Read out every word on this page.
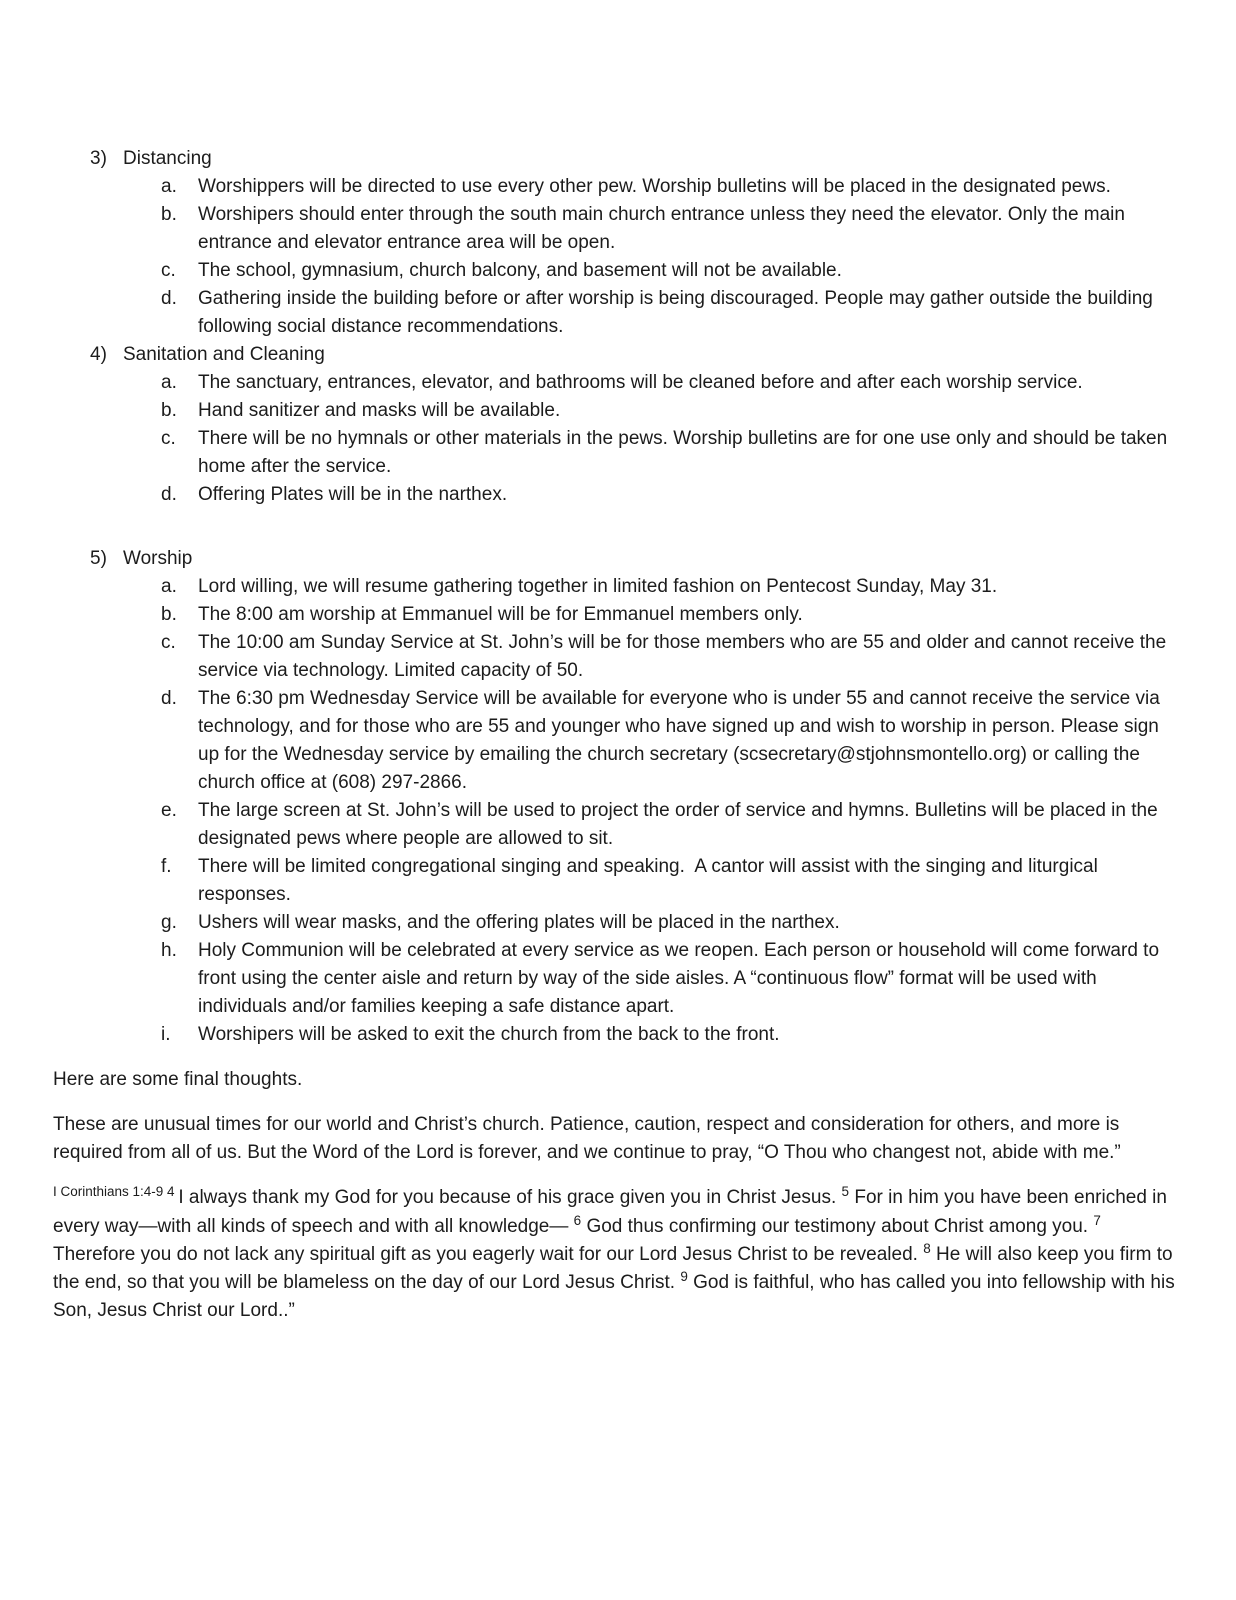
3) Distancing
a.	Worshippers will be directed to use every other pew. Worship bulletins will be placed in the designated pews.
b.	Worshipers should enter through the south main church entrance unless they need the elevator. Only the main entrance and elevator entrance area will be open.
c.	The school, gymnasium, church balcony, and basement will not be available.
d.	Gathering inside the building before or after worship is being discouraged. People may gather outside the building following social distance recommendations.
4) Sanitation and Cleaning
a.	The sanctuary, entrances, elevator, and bathrooms will be cleaned before and after each worship service.
b.	Hand sanitizer and masks will be available.
c.	There will be no hymnals or other materials in the pews. Worship bulletins are for one use only and should be taken home after the service.
d.	Offering Plates will be in the narthex.
5) Worship
a.	Lord willing, we will resume gathering together in limited fashion on Pentecost Sunday, May 31.
b.	The 8:00 am worship at Emmanuel will be for Emmanuel members only.
c.	The 10:00 am Sunday Service at St. John’s will be for those members who are 55 and older and cannot receive the service via technology. Limited capacity of 50.
d.	The 6:30 pm Wednesday Service will be available for everyone who is under 55 and cannot receive the service via technology, and for those who are 55 and younger who have signed up and wish to worship in person. Please sign up for the Wednesday service by emailing the church secretary (scsecretary@stjohnsmontello.org) or calling the church office at (608) 297-2866.
e.	The large screen at St. John’s will be used to project the order of service and hymns. Bulletins will be placed in the designated pews where people are allowed to sit.
f.	There will be limited congregational singing and speaking.  A cantor will assist with the singing and liturgical responses.
g.	Ushers will wear masks, and the offering plates will be placed in the narthex.
h.	Holy Communion will be celebrated at every service as we reopen. Each person or household will come forward to front using the center aisle and return by way of the side aisles. A “continuous flow” format will be used with individuals and/or families keeping a safe distance apart.
i.	Worshipers will be asked to exit the church from the back to the front.

Here are some final thoughts.

These are unusual times for our world and Christ’s church. Patience, caution, respect and consideration for others, and more is required from all of us. But the Word of the Lord is forever, and we continue to pray, “O Thou who changest not, abide with me.”

$^{I Corinthians 1:4-9 4}$ I always thank my God for you because of his grace given you in Christ Jesus. $^5$ For in him you have been enriched in every way—with all kinds of speech and with all knowledge— $^6$ God thus confirming our testimony about Christ among you. $^7$ Therefore you do not lack any spiritual gift as you eagerly wait for our Lord Jesus Christ to be revealed. $^8$ He will also keep you firm to the end, so that you will be blameless on the day of our Lord Jesus Christ. $^9$ God is faithful, who has called you into fellowship with his Son, Jesus Christ our Lord..”
